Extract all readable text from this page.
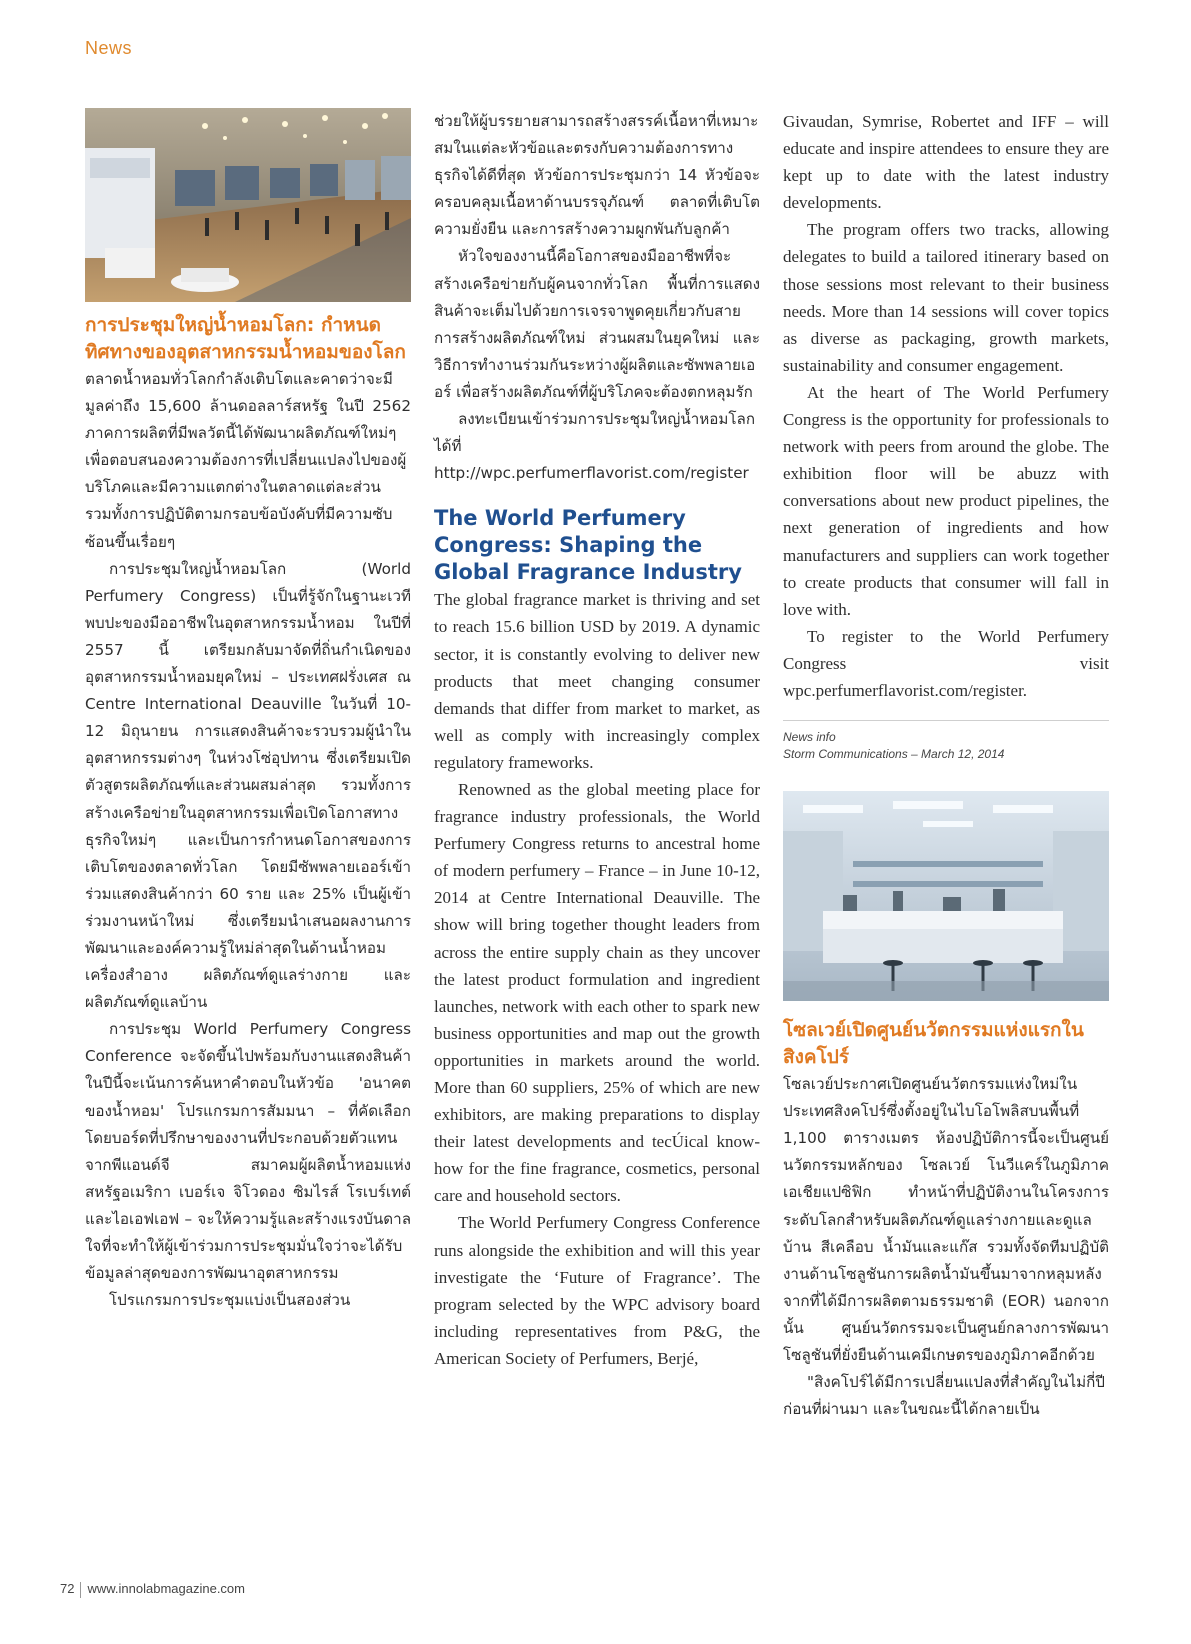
News
การประชุมใหญ่น้ำหอมโลก: กำหนดทิศทางของอุตสาหกรรมน้ำหอมของโลก

ตลาดน้ำหอมทั่วโลกกำลังเติบโตและคาดว่าจะมีมูลค่าถึง 15,600 ล้านดอลลาร์สหรัฐ ในปี 2562 ภาคการผลิตที่มีพลวัตนี้ได้พัฒนาผลิตภัณฑ์ใหม่ๆ เพื่อตอบสนองความต้องการที่เปลี่ยนแปลงไปของผู้บริโภคและมีความแตกต่างในตลาดแต่ละส่วน รวมทั้งการปฏิบัติตามกรอบข้อบังคับที่มีความซับซ้อนขึ้นเรื่อยๆ

การประชุมใหญ่น้ำหอมโลก (World Perfumery Congress) เป็นที่รู้จักในฐานะเวทีพบปะของมืออาชีพในอุตสาหกรรมน้ำหอม ในปีที่ 2557 นี้ เตรียมกลับมาจัดที่ถิ่นกำเนิดของอุตสาหกรรมน้ำหอมยุคใหม่ – ประเทศฝรั่งเศส ณ Centre International Deauville ในวันที่ 10-12 มิถุนายน การแสดงสินค้าจะรวบรวมผู้นำในอุตสาหกรรมต่างๆ ในห่วงโซ่อุปทาน ซึ่งเตรียมเปิดตัวสูตรผลิตภัณฑ์และส่วนผสมล่าสุด รวมทั้งการสร้างเครือข่ายในอุตสาหกรรมเพื่อเปิดโอกาสทางธุรกิจใหม่ๆ และเป็นการกำหนดโอกาสของการเติบโตของตลาดทั่วโลก โดยมีซัพพลายเออร์เข้าร่วมแสดงสินค้ากว่า 60 ราย และ 25% เป็นผู้เข้าร่วมงานหน้าใหม่ ซึ่งเตรียมนำเสนอผลงานการพัฒนาและองค์ความรู้ใหม่ล่าสุดในด้านน้ำหอม เครื่องสำอาง ผลิตภัณฑ์ดูแลร่างกาย และผลิตภัณฑ์ดูแลบ้าน

การประชุม World Perfumery Congress Conference จะจัดขึ้นไปพร้อมกับงานแสดงสินค้า ในปีนี้จะเน้นการค้นหาคำตอบในหัวข้อ 'อนาคตของน้ำหอม' โปรแกรมการสัมมนา – ที่คัดเลือกโดยบอร์ดที่ปรึกษาของงานที่ประกอบด้วยตัวแทนจากพีแอนด์จี สมาคมผู้ผลิตน้ำหอมแห่งสหรัฐอเมริกา เบอร์เจ จิโวดอง ซิมไรส์ โรเบร์เทต์ และไอเอฟเอฟ – จะให้ความรู้และสร้างแรงบันดาลใจที่จะทำให้ผู้เข้าร่วมการประชุมมั่นใจว่าจะได้รับข้อมูลล่าสุดของการพัฒนาอุตสาหกรรม

โปรแกรมการประชุมแบ่งเป็นสองส่วน

ช่วยให้ผู้บรรยายสามารถสร้างสรรค์เนื้อหาที่เหมาะสมในแต่ละหัวข้อและตรงกับความต้องการทางธุรกิจได้ดีที่สุด หัวข้อการประชุมกว่า 14 หัวข้อจะครอบคลุมเนื้อหาด้านบรรจุภัณฑ์ ตลาดที่เติบโต ความยั่งยืน และการสร้างความผูกพันกับลูกค้า

หัวใจของงานนี้คือโอกาสของมืออาชีพที่จะสร้างเครือข่ายกับผู้คนจากทั่วโลก พื้นที่การแสดงสินค้าจะเต็มไปด้วยการเจรจาพูดคุยเกี่ยวกับสายการสร้างผลิตภัณฑ์ใหม่ ส่วนผสมในยุคใหม่ และวิธีการทำงานร่วมกันระหว่างผู้ผลิตและซัพพลายเออร์ เพื่อสร้างผลิตภัณฑ์ที่ผู้บริโภคจะต้องตกหลุมรัก

ลงทะเบียนเข้าร่วมการประชุมใหญ่น้ำหอมโลกได้ที่ http://wpc.perfumerflavorist.com/register

The World Perfumery Congress: Shaping the Global Fragrance Industry

The global fragrance market is thriving and set to reach 15.6 billion USD by 2019. A dynamic sector, it is constantly evolving to deliver new products that meet changing consumer demands that differ from market to market, as well as comply with increasingly complex regulatory frameworks.

Renowned as the global meeting place for fragrance industry professionals, the World Perfumery Congress returns to ancestral home of modern perfumery – France – in June 10-12, 2014 at Centre International Deauville. The show will bring together thought leaders from across the entire supply chain as they uncover the latest product formulation and ingredient launches, network with each other to spark new business opportunities and map out the growth opportunities in markets around the world. More than 60 suppliers, 25% of which are new exhibitors, are making preparations to display their latest developments and tecÚical know-how for the fine fragrance, cosmetics, personal care and household sectors.

The World Perfumery Congress Conference runs alongside the exhibition and will this year investigate the ‘Future of Fragrance’. The program selected by the WPC advisory board including representatives from P&G, the American Society of Perfumers, Berjé,

Givaudan, Symrise, Robertet and IFF – will educate and inspire attendees to ensure they are kept up to date with the latest industry developments.

The program offers two tracks, allowing delegates to build a tailored itinerary based on those sessions most relevant to their business needs. More than 14 sessions will cover topics as diverse as packaging, growth markets, sustainability and consumer engagement.

At the heart of The World Perfumery Congress is the opportunity for professionals to network with peers from around the globe. The exhibition floor will be abuzz with conversations about new product pipelines, the next generation of ingredients and how manufacturers and suppliers can work together to create products that consumer will fall in love with.

To register to the World Perfumery Congress visit wpc.perfumerflavorist.com/register.

News info
Storm Communications – March 12, 2014
โซลเวย์เปิดศูนย์นวัตกรรมแห่งแรกในสิงคโปร์

โซลเวย์ประกาศเปิดศูนย์นวัตกรรมแห่งใหม่ในประเทศสิงคโปร์ซึ่งตั้งอยู่ในไบโอโพลิสบนพื้นที่ 1,100 ตารางเมตร ห้องปฏิบัติการนี้จะเป็นศูนย์นวัตกรรมหลักของ โซลเวย์ โนวีแคร์ในภูมิภาคเอเชียแปซิฟิก ทำหน้าที่ปฏิบัติงานในโครงการระดับโลกสำหรับผลิตภัณฑ์ดูแลร่างกายและดูแลบ้าน สีเคลือบ น้ำมันและแก๊ส รวมทั้งจัดทีมปฏิบัติงานด้านโซลูชันการผลิตน้ำมันขึ้นมาจากหลุมหลังจากที่ได้มีการผลิตตามธรรมชาติ (EOR) นอกจากนั้น ศูนย์นวัตกรรมจะเป็นศูนย์กลางการพัฒนาโซลูชันที่ยั่งยืนด้านเคมีเกษตรของภูมิภาคอีกด้วย

"สิงคโปร์ได้มีการเปลี่ยนแปลงที่สำคัญในไม่กี่ปีก่อนที่ผ่านมา และในขณะนี้ได้กลายเป็น

72 www.innolabmagazine.com
